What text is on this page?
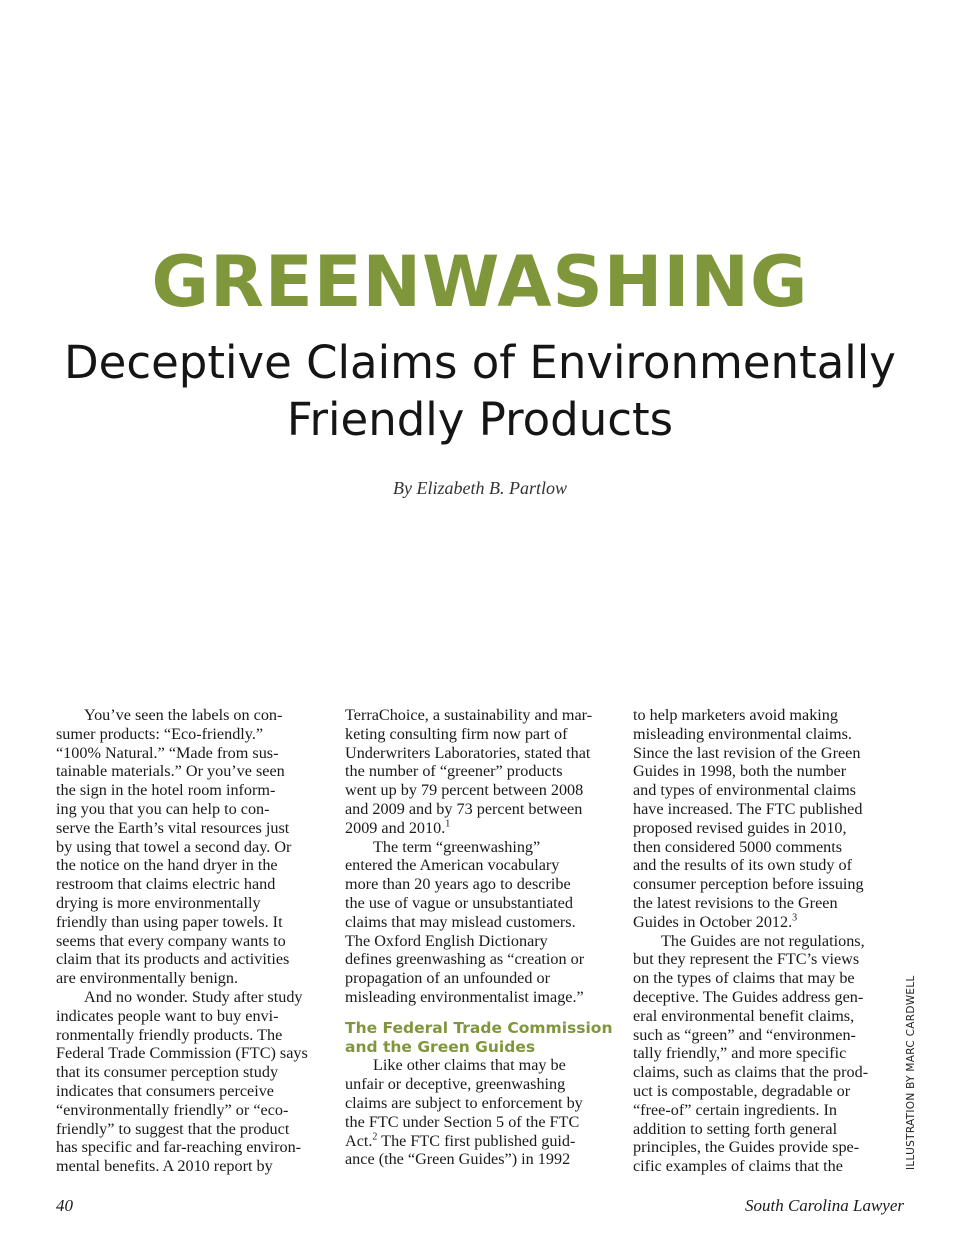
GREENWASHING
Deceptive Claims of Environmentally
Friendly Products
By Elizabeth B. Partlow
You’ve seen the labels on con-
sumer products: “Eco-friendly.”
“100% Natural.” “Made from sus-
tainable materials.” Or you’ve seen
the sign in the hotel room inform-
ing you that you can help to con-
serve the Earth’s vital resources just
by using that towel a second day. Or
the notice on the hand dryer in the
restroom that claims electric hand
drying is more environmentally
friendly than using paper towels. It
seems that every company wants to
claim that its products and activities
are environmentally benign.
And no wonder. Study after study
indicates people want to buy envi-
ronmentally friendly products. The
Federal Trade Commission (FTC) says
that its consumer perception study
indicates that consumers perceive
“environmentally friendly” or “eco-
friendly” to suggest that the product
has specific and far-reaching environ-
mental benefits. A 2010 report by
TerraChoice, a sustainability and mar-
keting consulting firm now part of
Underwriters Laboratories, stated that
the number of “greener” products
went up by 79 percent between 2008
and 2009 and by 73 percent between
2009 and 2010.$^1$
The term “greenwashing”
entered the American vocabulary
more than 20 years ago to describe
the use of vague or unsubstantiated
claims that may mislead customers.
The Oxford English Dictionary
defines greenwashing as “creation or
propagation of an unfounded or
misleading environmentalist image.”
The Federal Trade Commission
and the Green Guides
Like other claims that may be
unfair or deceptive, greenwashing
claims are subject to enforcement by
the FTC under Section 5 of the FTC
Act.$^2$ The FTC first published guid-
ance (the “Green Guides”) in 1992
to help marketers avoid making
misleading environmental claims.
Since the last revision of the Green
Guides in 1998, both the number
and types of environmental claims
have increased. The FTC published
proposed revised guides in 2010,
then considered 5000 comments
and the results of its own study of
consumer perception before issuing
the latest revisions to the Green
Guides in October 2012.$^3$
The Guides are not regulations,
but they represent the FTC’s views
on the types of claims that may be
deceptive. The Guides address gen-
eral environmental benefit claims,
such as “green” and “environmen-
tally friendly,” and more specific
claims, such as claims that the prod-
uct is compostable, degradable or
“free-of” certain ingredients. In
addition to setting forth general
principles, the Guides provide spe-
cific examples of claims that the	ILLUSTRATION BY MARC CARDWELL
40	South Carolina Lawyer
